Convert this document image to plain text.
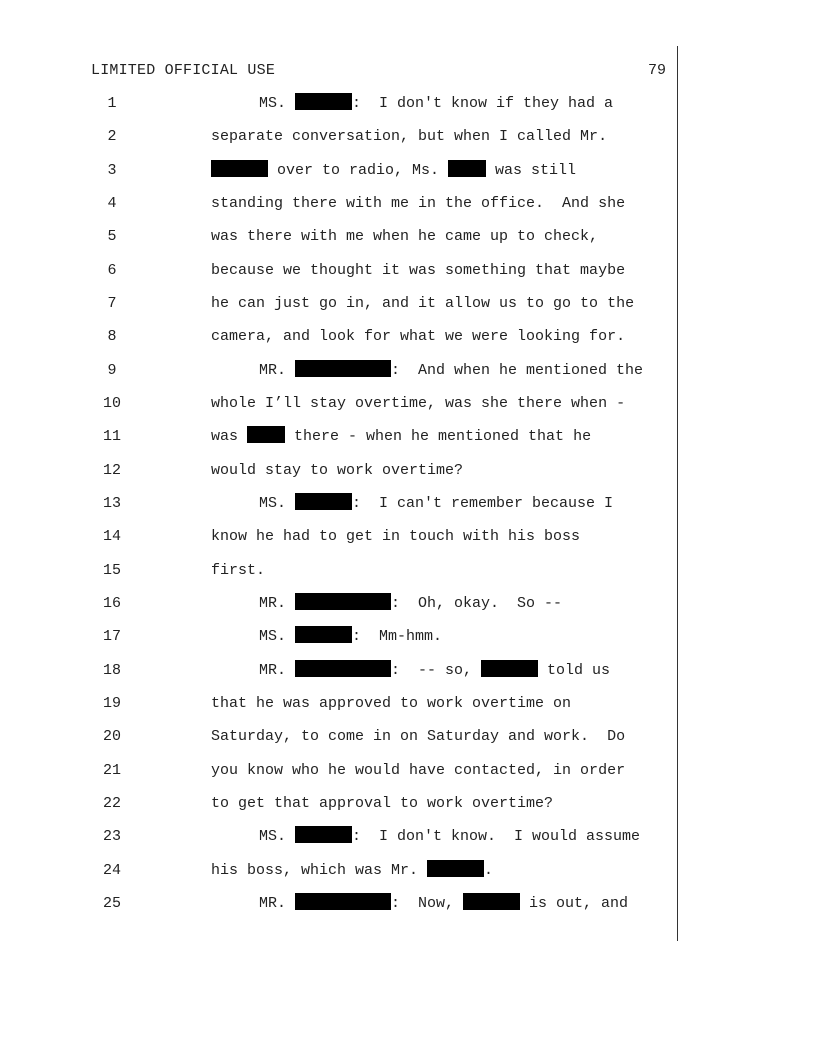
LIMITED OFFICIAL USE	79
1	MS.	:  I don't know if they had a
2	separate conversation, but when I called Mr.
3	over to radio, Ms.	was still
4	standing there with me in the office.  And she
5	was there with me when he came up to check,
6	because we thought it was something that maybe
7	he can just go in, and it allow us to go to the
8	camera, and look for what we were looking for.
9	MR.	:  And when he mentioned the
10	whole I’ll stay overtime, was she there when -
11	was	there - when he mentioned that he
12	would stay to work overtime?
13	MS.	:  I can't remember because I
14	know he had to get in touch with his boss
15	first.
16	MR.	:  Oh, okay.  So --
17	MS.	:  Mm-hmm.
18	MR.	:  -- so,	told us
19	that he was approved to work overtime on
20	Saturday, to come in on Saturday and work.  Do
21	you know who he would have contacted, in order
22	to get that approval to work overtime?
23	MS.	:  I don't know.  I would assume
24	his boss, which was Mr.	.
25	MR.	:  Now,	is out, and
